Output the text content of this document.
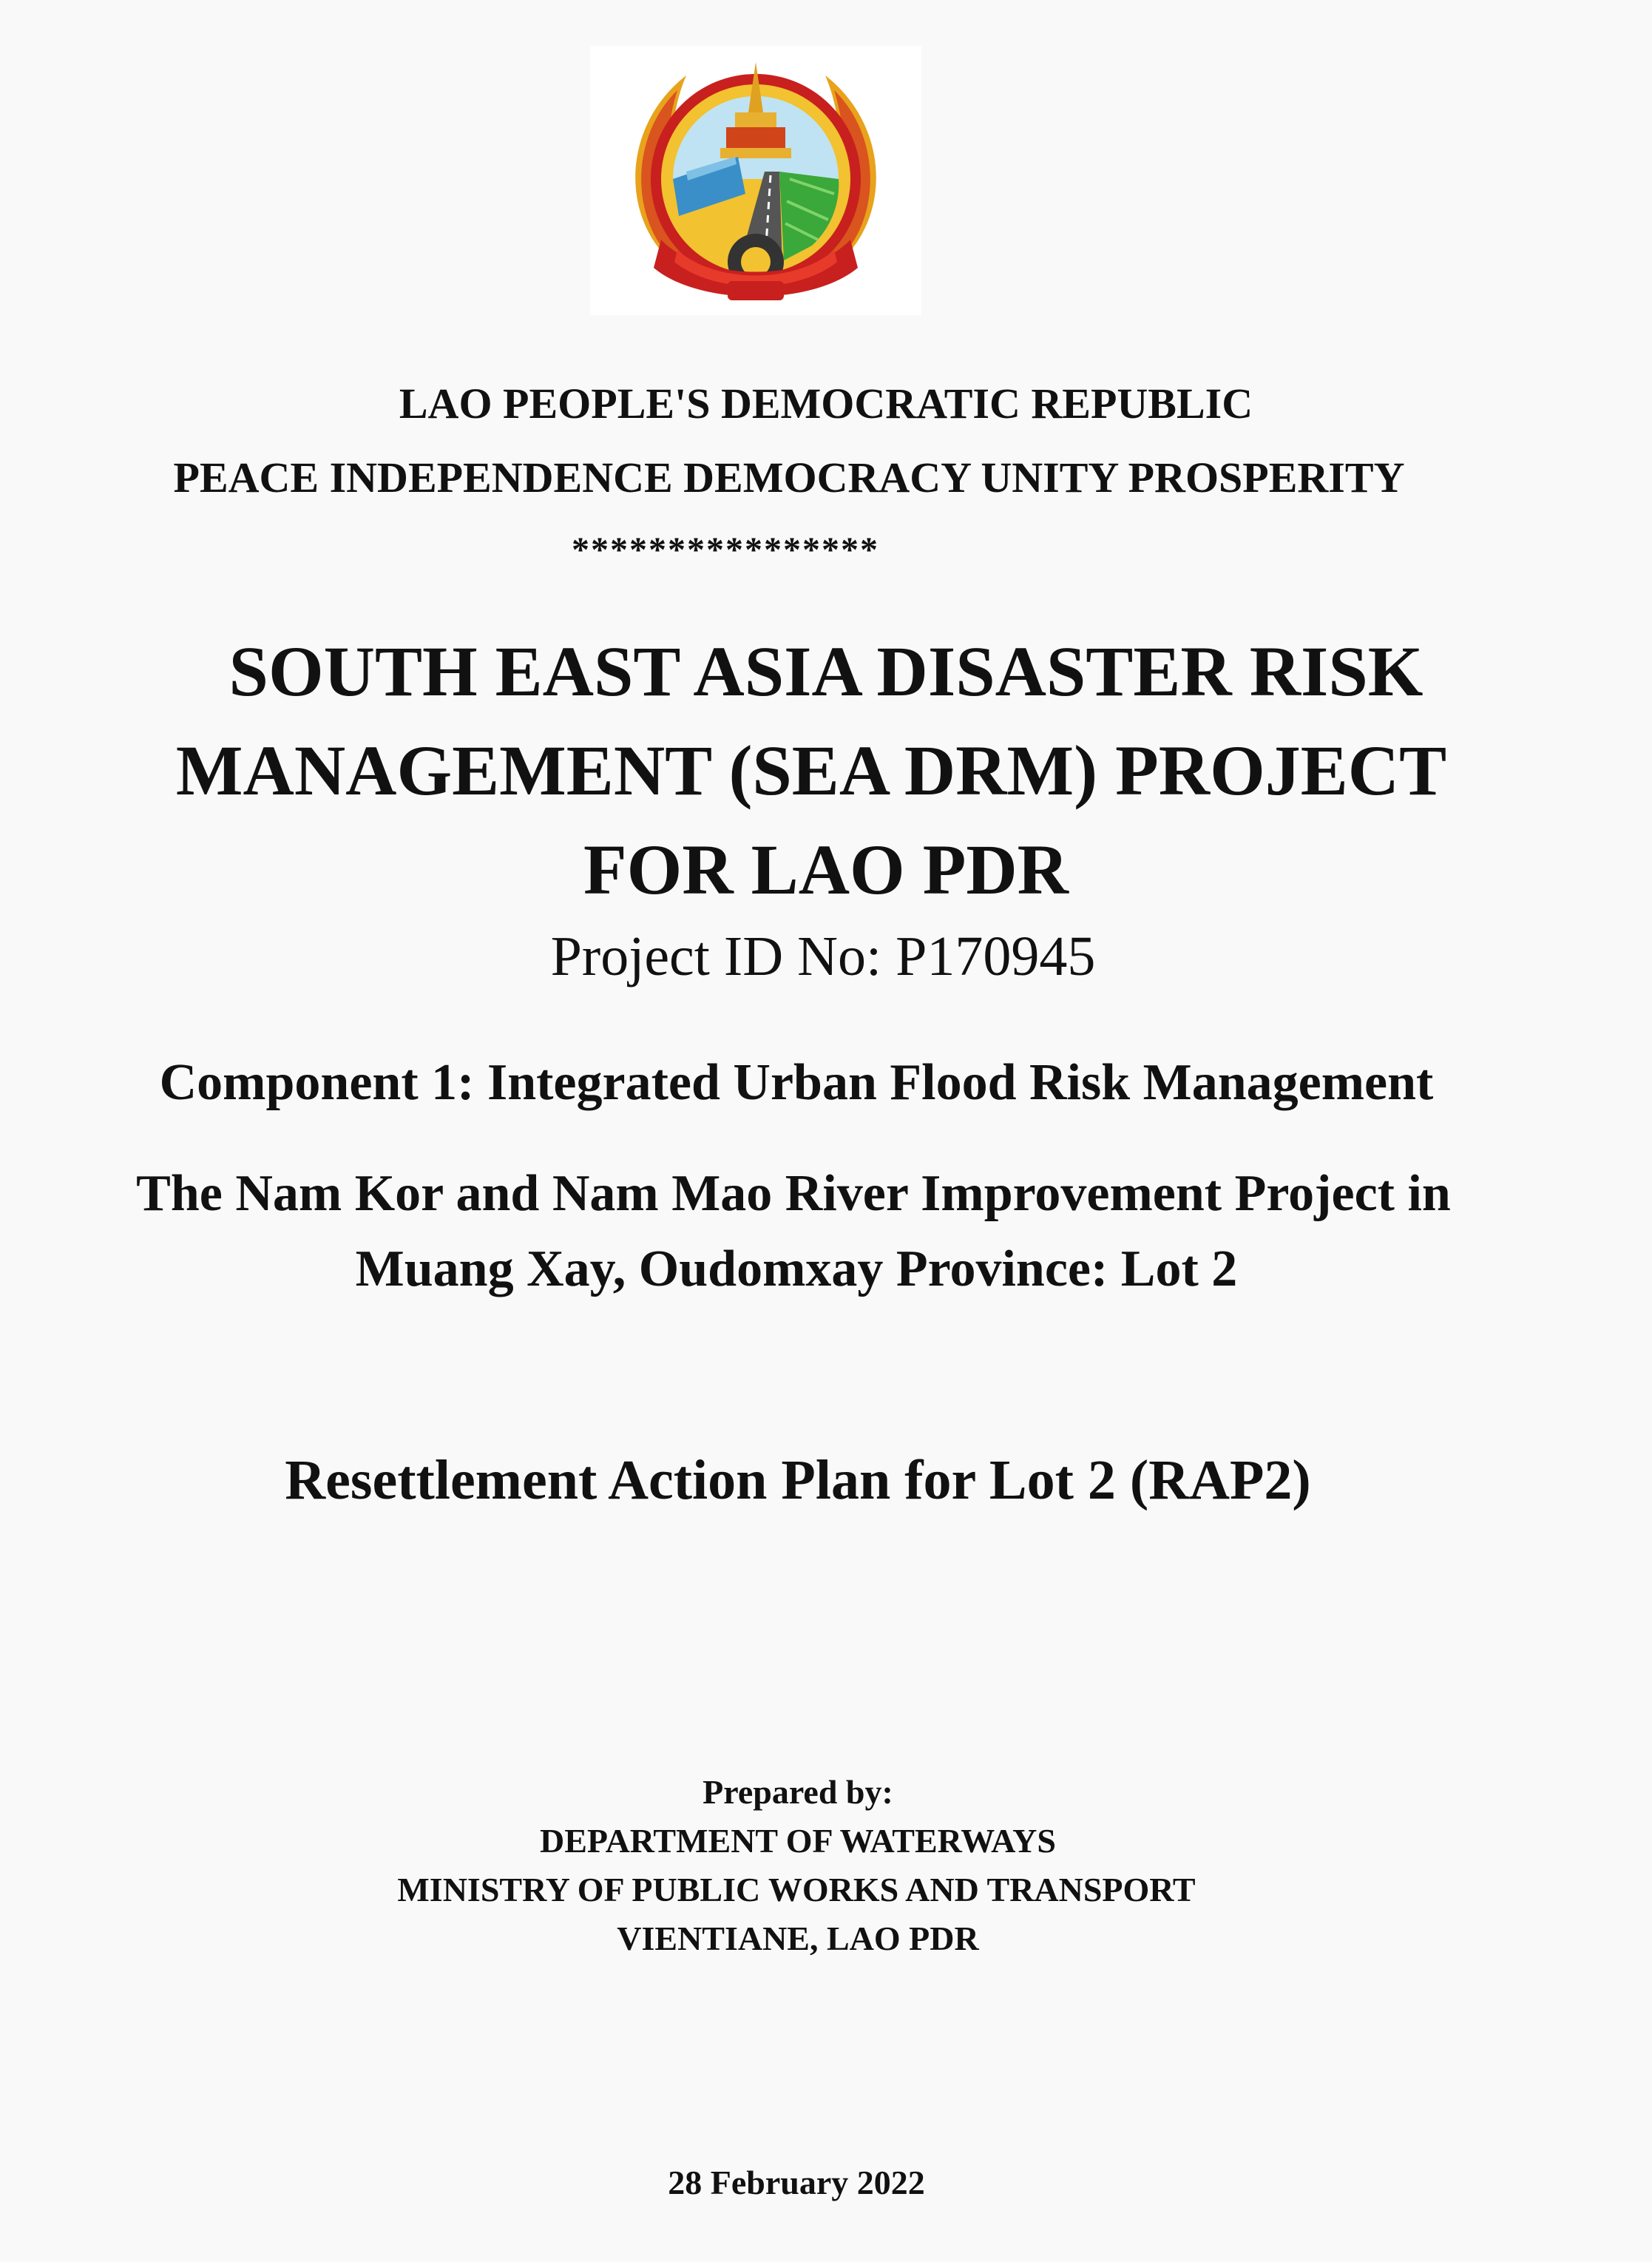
LAO PEOPLE'S DEMOCRATIC REPUBLIC
PEACE INDEPENDENCE DEMOCRACY UNITY PROSPERITY
****************
SOUTH EAST ASIA DISASTER RISK
MANAGEMENT (SEA DRM) PROJECT
FOR LAO PDR
Project ID No: P170945
Component 1: Integrated Urban Flood Risk Management
The Nam Kor and Nam Mao River Improvement Project in
Muang Xay, Oudomxay Province: Lot 2
Resettlement Action Plan for Lot 2 (RAP2)
Prepared by:
DEPARTMENT OF WATERWAYS
MINISTRY OF PUBLIC WORKS AND TRANSPORT
VIENTIANE, LAO PDR
28 February 2022
